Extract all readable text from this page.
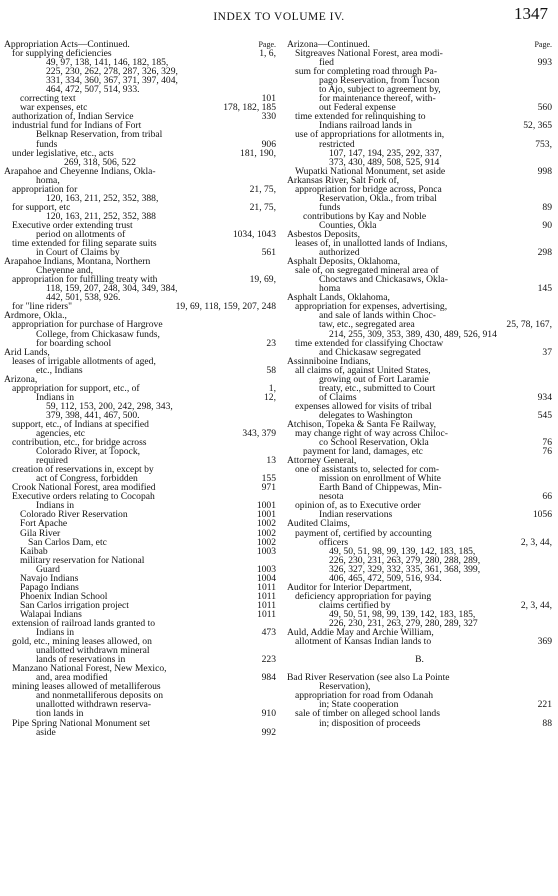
INDEX TO VOLUME IV.	1347
Appropriation Acts—Continued.	Page.
for supplying deficiencies	1, 6,
49, 97, 138, 141, 146, 182, 185,
225, 230, 262, 278, 287, 326, 329,
331, 334, 360, 367, 371, 397, 404,
464, 472, 507, 514, 933.
correcting text	101
war expenses, etc	178, 182, 185
authorization of, Indian Service	330
industrial fund for Indians of Fort
Belknap Reservation, from tribal
funds	906
under legislative, etc., acts	181, 190,
269, 318, 506, 522
Arapahoe and Cheyenne Indians, Okla-
homa,
appropriation for	21, 75,
120, 163, 211, 252, 352, 388,
for support, etc	21, 75,
120, 163, 211, 252, 352, 388
Executive order extending trust
period on allotments of	1034, 1043
time extended for filing separate suits
in Court of Claims by	561
Arapahoe Indians, Montana, Northern
Cheyenne and,
appropriation for fulfilling treaty with	19, 69,
118, 159, 207, 248, 304, 349, 384,
442, 501, 538, 926.
for "line riders"	19, 69, 118, 159, 207, 248
Ardmore, Okla.,
appropriation for purchase of Hargrove
College, from Chickasaw funds,
for boarding school	23
Arid Lands,
leases of irrigable allotments of aged,
etc., Indians	58
Arizona,
appropriation for support, etc., of	1,
Indians in	12,
59, 112, 153, 200, 242, 298, 343,
379, 398, 441, 467, 500.
support, etc., of Indians at specified
agencies, etc	343, 379
contribution, etc., for bridge across
Colorado River, at Topock,
required	13
creation of reservations in, except by
act of Congress, forbidden	155
Crook National Forest, area modified	971
Executive orders relating to Cocopah
Indians in	1001
Colorado River Reservation	1001
Fort Apache	1002
Gila River	1002
San Carlos Dam, etc	1002
Kaibab	1003
military reservation for National
Guard	1003
Navajo Indians	1004
Papago Indians	1011
Phoenix Indian School	1011
San Carlos irrigation project	1011
Walapai Indians	1011
extension of railroad lands granted to
Indians in	473
gold, etc., mining leases allowed, on
unallotted withdrawn mineral
lands of reservations in	223
Manzano National Forest, New Mexico,
and, area modified	984
mining leases allowed of metalliferous
and nonmetalliferous deposits on
unallotted withdrawn reserva-
tion lands in	910
Pipe Spring National Monument set
aside	992
Arizona—Continued.	Page.
Sitgreaves National Forest, area modi-
fied	993
sum for completing road through Pa-
pago Reservation, from Tucson
to Ajo, subject to agreement by,
for maintenance thereof, with-
out Federal expense	560
time extended for relinquishing to
Indians railroad lands in	52, 365
use of appropriations for allotments in,
restricted	753,
107, 147, 194, 235, 292, 337,
373, 430, 489, 508, 525, 914
Wupatki National Monument, set aside	998
Arkansas River, Salt Fork of,
appropriation for bridge across, Ponca
Reservation, Okla., from tribal
funds	89
contributions by Kay and Noble
Counties, Okla	90
Asbestos Deposits,
leases of, in unallotted lands of Indians,
authorized	298
Asphalt Deposits, Oklahoma,
sale of, on segregated mineral area of
Choctaws and Chickasaws, Okla-
homa	145
Asphalt Lands, Oklahoma,
appropriation for expenses, advertising,
and sale of lands within Choc-
taw, etc., segregated area	25, 78, 167,
214, 255, 309, 353, 389, 430, 489, 526, 914
time extended for classifying Choctaw
and Chickasaw segregated	37
Assinniboine Indians,
all claims of, against United States,
growing out of Fort Laramie
treaty, etc., submitted to Court
of Claims	934
expenses allowed for visits of tribal
delegates to Washington	545
Atchison, Topeka & Santa Fe Railway,
may change right of way across Chiloc-
co School Reservation, Okla	76
payment for land, damages, etc	76
Attorney General,
one of assistants to, selected for com-
mission on enrollment of White
Earth Band of Chippewas, Min-
nesota	66
opinion of, as to Executive order
Indian reservations	1056
Audited Claims,
payment of, certified by accounting
officers	2, 3, 44,
49, 50, 51, 98, 99, 139, 142, 183, 185,
226, 230, 231, 263, 279, 280, 288, 289,
326, 327, 329, 332, 335, 361, 368, 399,
406, 465, 472, 509, 516, 934.
Auditor for Interior Department,
deficiency appropriation for paying
claims certified by	2, 3, 44,
49, 50, 51, 98, 99, 139, 142, 183, 185,
226, 230, 231, 263, 279, 280, 289, 327
Auld, Addie May and Archie William,
allotment of Kansas Indian lands to	369
B.
Bad River Reservation (see also La Pointe
Reservation),
appropriation for road from Odanah
in; State cooperation	221
sale of timber on alleged school lands
in; disposition of proceeds	88
